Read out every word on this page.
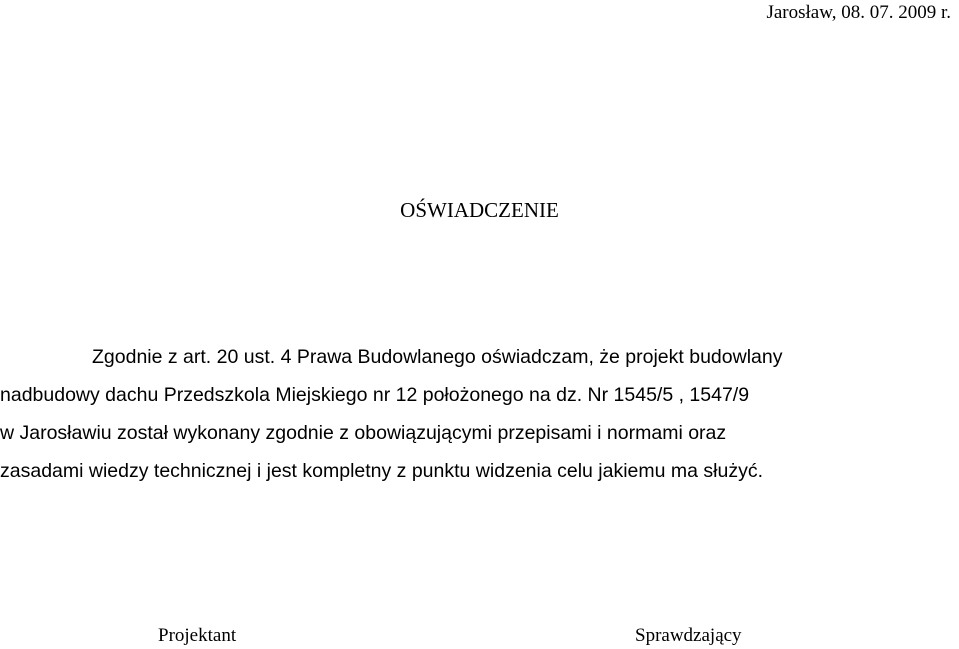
Jarosław, 08. 07. 2009 r.
OŚWIADCZENIE
Zgodnie z art. 20 ust. 4 Prawa Budowlanego oświadczam, że projekt budowlany
nadbudowy dachu Przedszkola Miejskiego nr 12 położonego na dz. Nr 1545/5 , 1547/9
w Jarosławiu został wykonany zgodnie z obowiązującymi przepisami i normami oraz
zasadami wiedzy technicznej i jest kompletny z punktu widzenia celu jakiemu ma służyć.
Projektant	Sprawdzający
